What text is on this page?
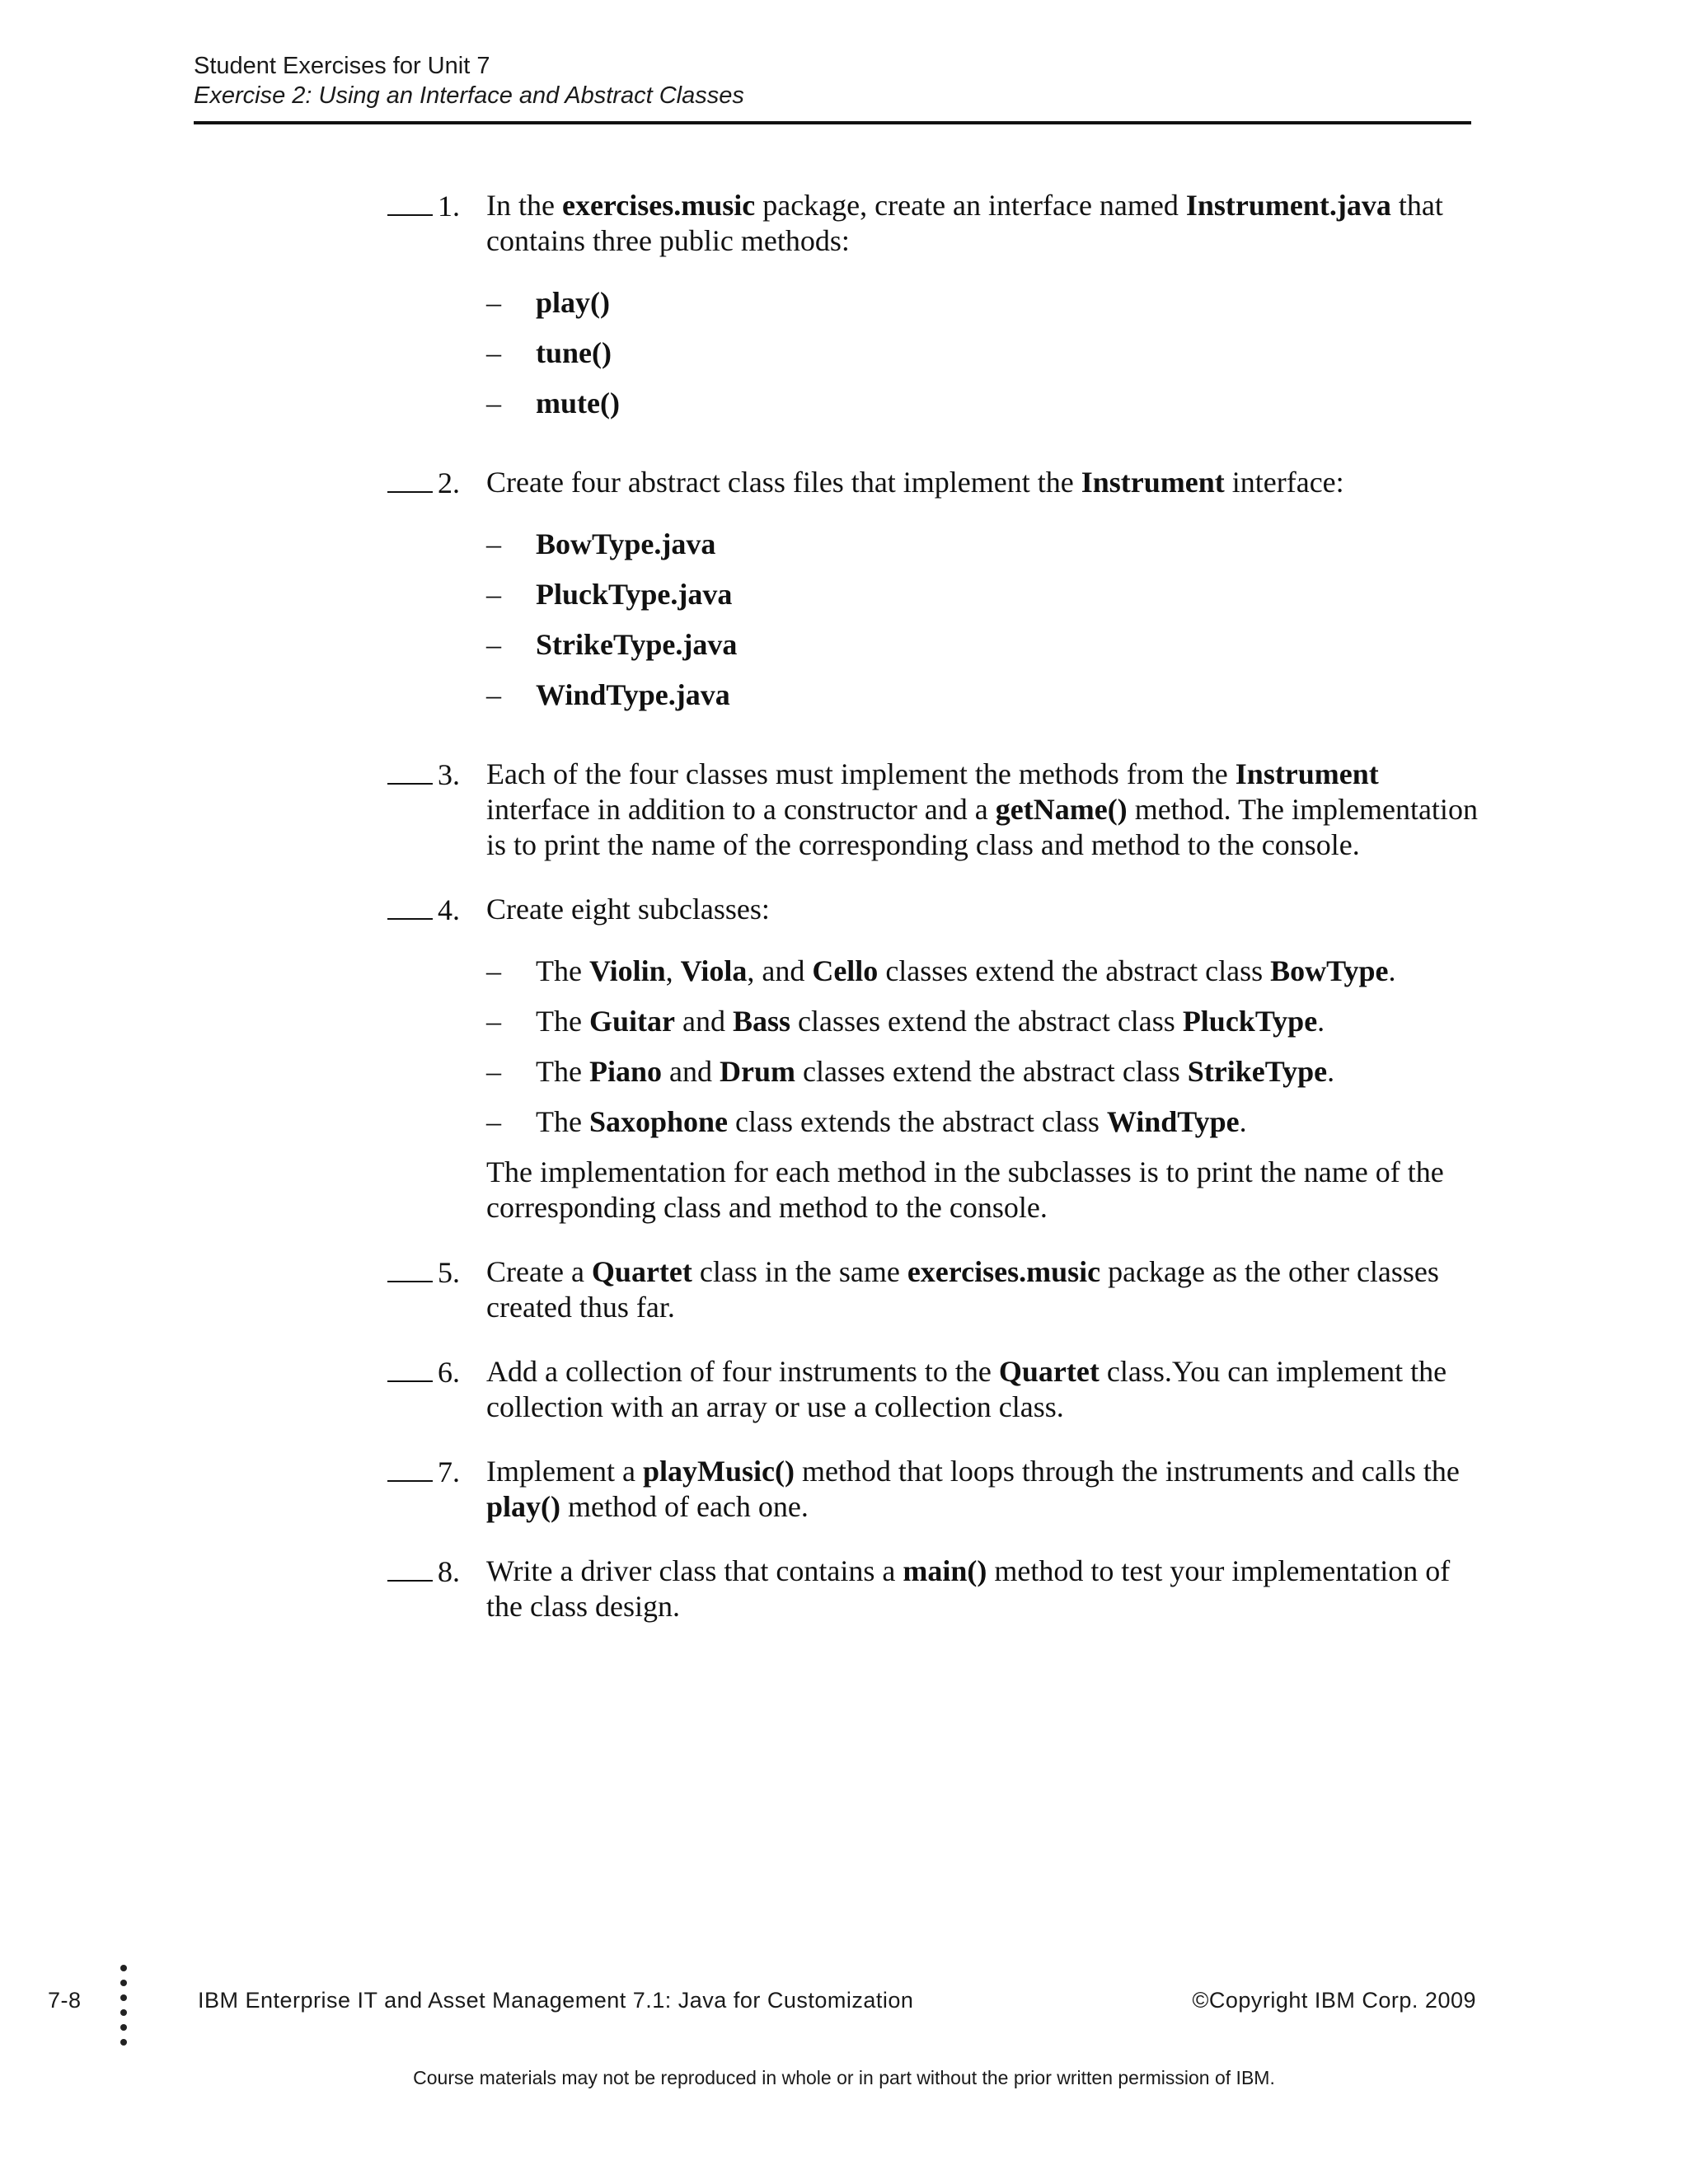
Student Exercises for Unit 7
Exercise 2: Using an Interface and Abstract Classes
1. In the exercises.music package, create an interface named Instrument.java that contains three public methods:

–	play()
–	tune()
–	mute()
2. Create four abstract class files that implement the Instrument interface:

–	BowType.java
–	PluckType.java
–	StrikeType.java
–	WindType.java
3. Each of the four classes must implement the methods from the Instrument interface in addition to a constructor and a getName() method. The implementation is to print the name of the corresponding class and method to the console.

4. Create eight subclasses:

–	The Violin, Viola, and Cello classes extend the abstract class BowType.
–	The Guitar and Bass classes extend the abstract class PluckType.
–	The Piano and Drum classes extend the abstract class StrikeType.
–	The Saxophone class extends the abstract class WindType.

The implementation for each method in the subclasses is to print the name of the corresponding class and method to the console.

5. Create a Quartet class in the same exercises.music package as the other classes created thus far.

6. Add a collection of four instruments to the Quartet class.You can implement the collection with an array or use a collection class.

7. Implement a playMusic() method that loops through the instruments and calls the play() method of each one.

8. Write a driver class that contains a main() method to test your implementation of the class design.

7-8	IBM Enterprise IT and Asset Management 7.1: Java for Customization	©Copyright IBM Corp. 2009
Course materials may not be reproduced in whole or in part without the prior written permission of IBM.
